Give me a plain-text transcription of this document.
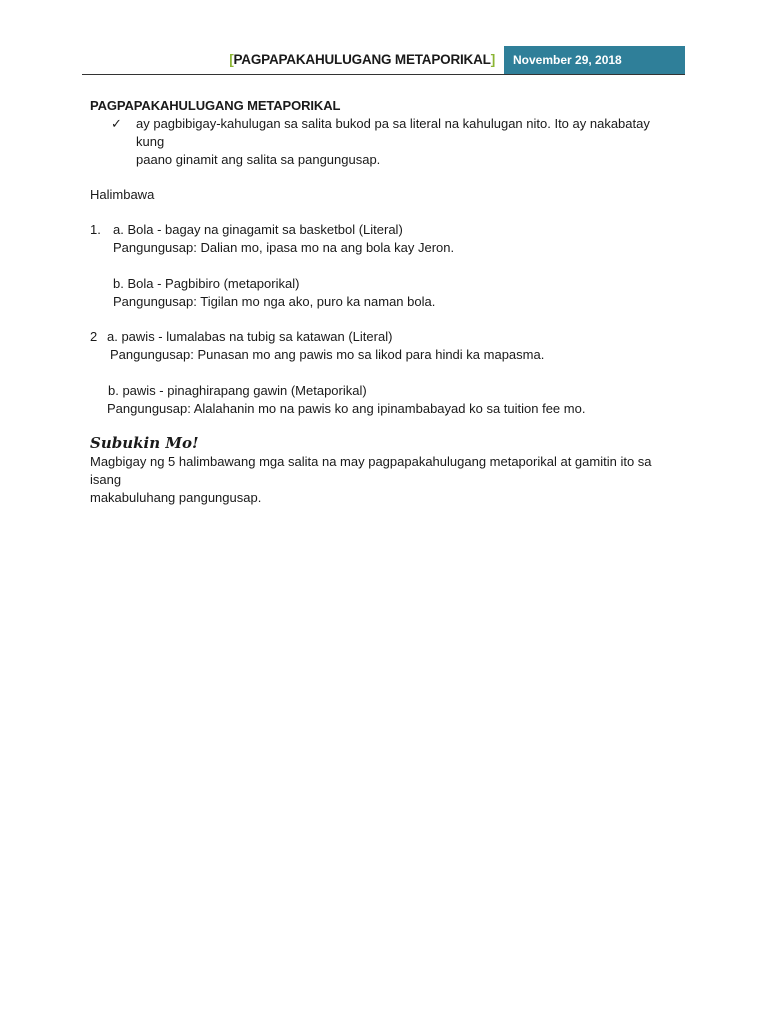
[PAGPAPAKAHULUGANG METAPORIKAL]	November 29, 2018

PAGPAPAKAHULUGANG METAPORIKAL

✓ ay pagbibigay-kahulugan sa salita bukod pa sa literal na kahulugan nito. Ito ay nakabatay kung
paano ginamit ang salita sa pangungusap.
Halimbawa
1. a. Bola - bagay na ginagamit sa basketbol (Literal)
Pangungusap: Dalian mo, ipasa mo na ang bola kay Jeron.
b. Bola - Pagbibiro (metaporikal)
Pangungusap: Tigilan mo nga ako, puro ka naman bola.
2 a. pawis - lumalabas na tubig sa katawan (Literal)
Pangungusap: Punasan mo ang pawis mo sa likod para hindi ka mapasma.
b. pawis - pinaghirapang gawin (Metaporikal)
Pangungusap: Alalahanin mo na pawis ko ang ipinambabayad ko sa tuition fee mo.
Subukin Mo!
Magbigay ng 5 halimbawang mga salita na may pagpapakahulugang metaporikal at gamitin ito sa isang
makabuluhang pangungusap.
